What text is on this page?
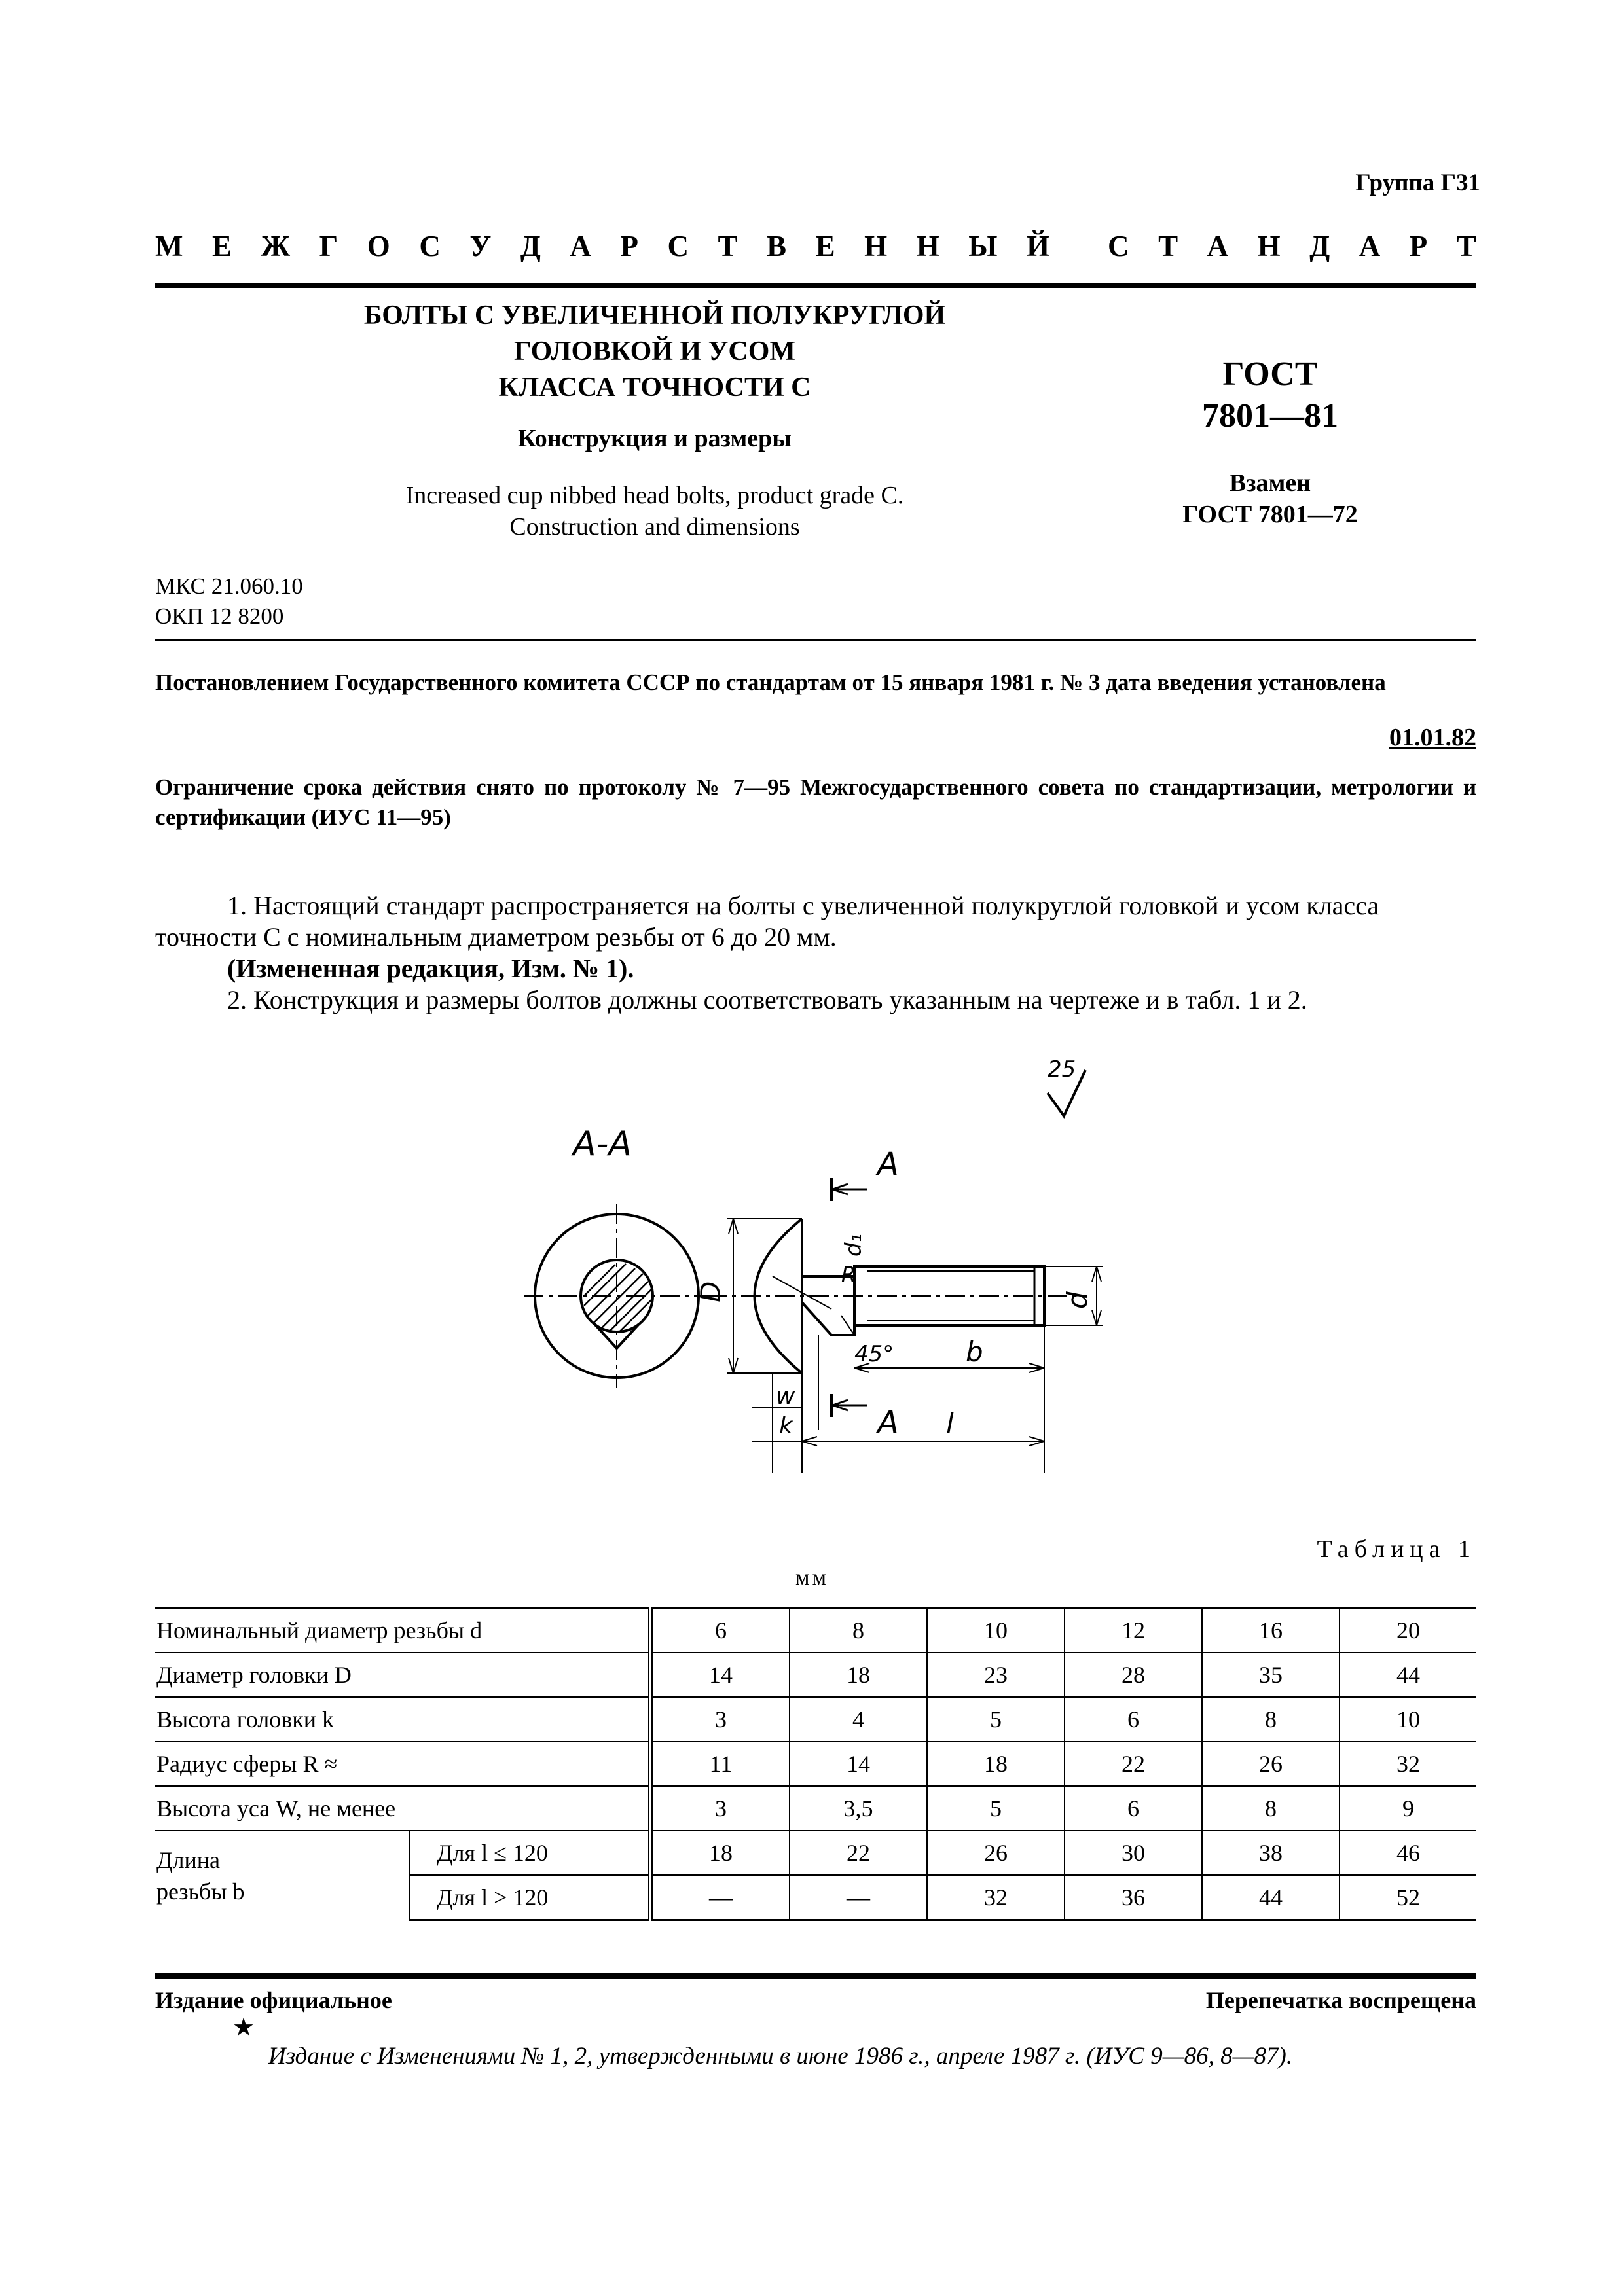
Группа Г31
М Е Ж Г О С У Д А Р С Т В Е Н Н Ы Й С Т А Н Д А Р Т
БОЛТЫ С УВЕЛИЧЕННОЙ ПОЛУКРУГЛОЙ
ГОЛОВКОЙ И УСОМ
КЛАССА ТОЧНОСТИ С
Конструкция и размеры
Increased cup nibbed head bolts, product grade C.
Construction and dimensions
ГОСТ
7801—81
Взамен
ГОСТ 7801—72
МКС 21.060.10
ОКП 12 8200
Постановлением Государственного комитета СССР по стандартам от 15 января 1981 г. № 3 дата введения установлена
01.01.82
Ограничение срока действия снято по протоколу № 7—95 Межгосударственного совета по стандартизации, метрологии и сертификации (ИУС 11—95)
1. Настоящий стандарт распространяется на болты с увеличенной полукруглой головкой и усом класса точности С с номинальным диаметром резьбы от 6 до 20 мм.
(Измененная редакция, Изм. № 1).
2. Конструкция и размеры болтов должны соответствовать указанным на чертеже и в табл. 1 и 2.
25
А-А
А
А
d₁
D
R
d
45°	b
w
k	l
Таблица 1
мм
Номинальный диаметр резьбы d		6	8	10	12	16	20
Диаметр головки D		14	18	23	28	35	44
Высота головки k		3	4	5	6	8	10
Радиус сферы R ≈		11	14	18	22	26	32
Высота уса W, не менее		3	3,5	5	6	8	9

Длина
резьбы b	Для l ≤ 120	18	22	26	30	38	46
	Для l > 120	—	—	32	36	44	52
Издание официальное	Перепечатка воспрещена
★
Издание с Изменениями № 1, 2, утвержденными в июне 1986 г., апреле 1987 г. (ИУС 9—86, 8—87).
